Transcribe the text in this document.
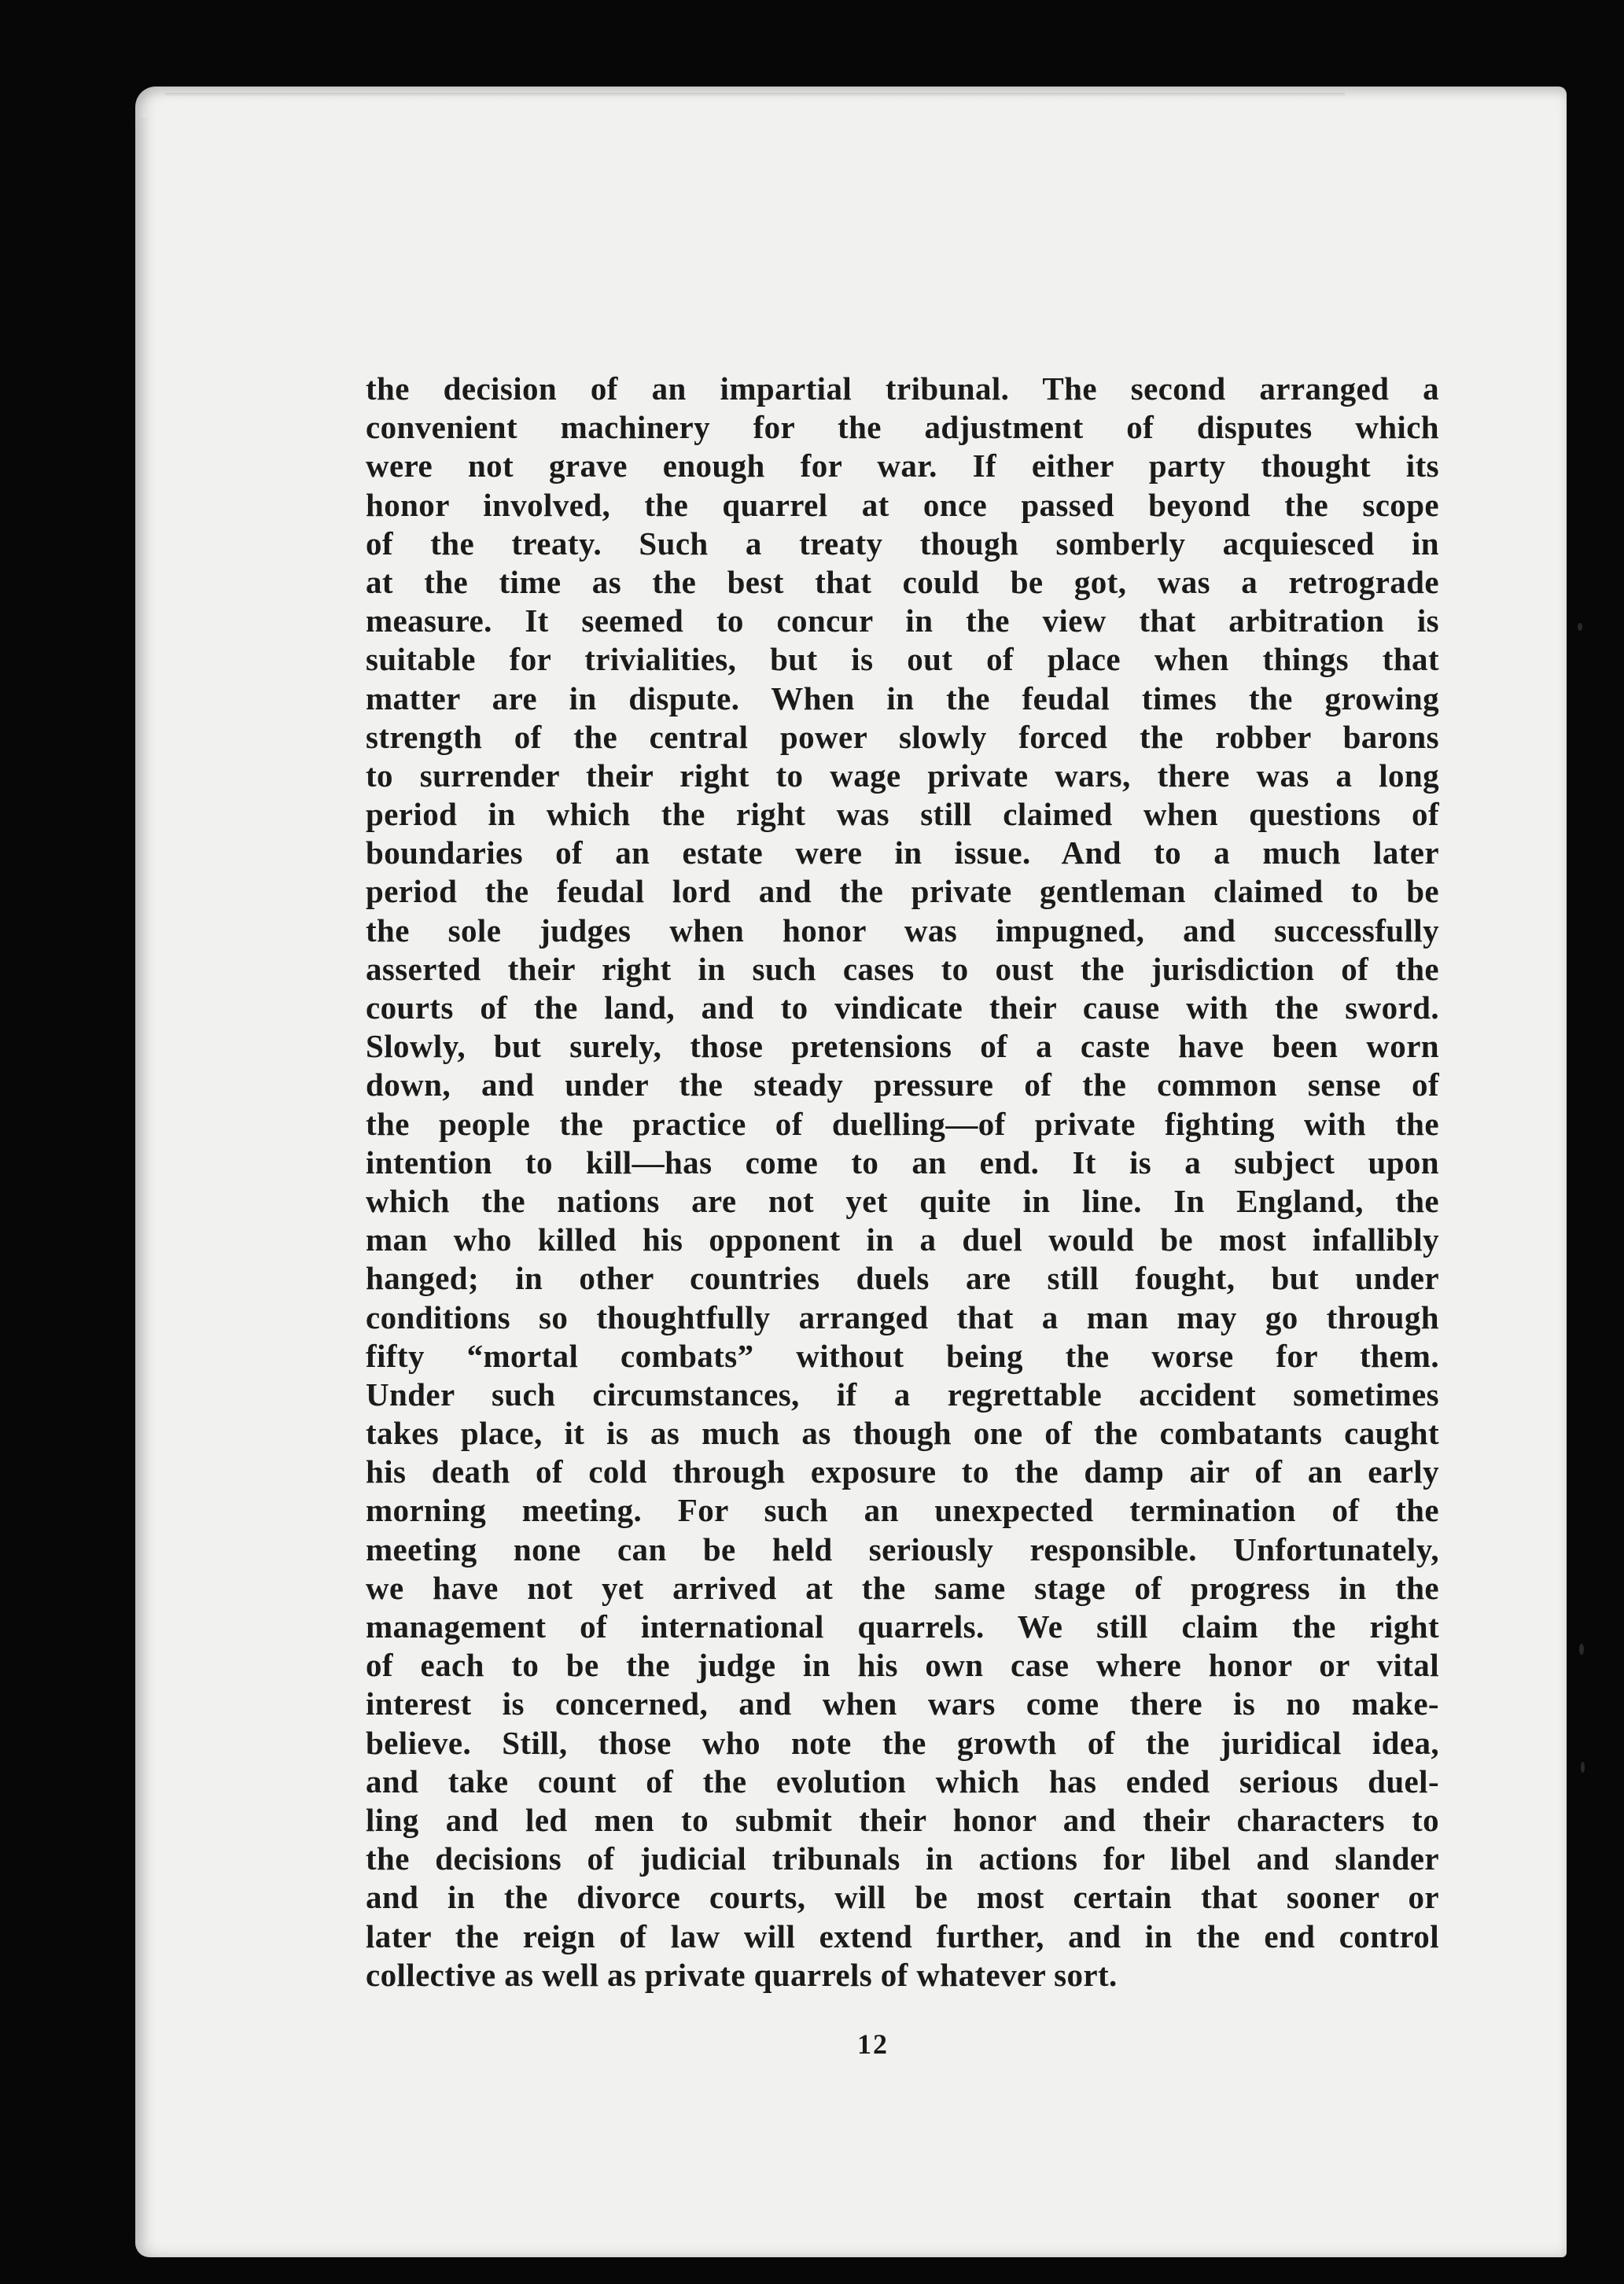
the decision of an impartial tribunal. The second arranged a
convenient machinery for the adjustment of disputes which
were not grave enough for war. If either party thought its
honor involved, the quarrel at once passed beyond the scope
of the treaty. Such a treaty though somberly acquiesced in
at the time as the best that could be got, was a retrograde
measure. It seemed to concur in the view that arbitration is
suitable for trivialities, but is out of place when things that
matter are in dispute. When in the feudal times the growing
strength of the central power slowly forced the robber barons
to surrender their right to wage private wars, there was a long
period in which the right was still claimed when questions of
boundaries of an estate were in issue. And to a much later
period the feudal lord and the private gentleman claimed to be
the sole judges when honor was impugned, and successfully
asserted their right in such cases to oust the jurisdiction of the
courts of the land, and to vindicate their cause with the sword.
Slowly, but surely, those pretensions of a caste have been worn
down, and under the steady pressure of the common sense of
the people the practice of duelling—of private fighting with the
intention to kill—has come to an end. It is a subject upon
which the nations are not yet quite in line. In England, the
man who killed his opponent in a duel would be most infallibly
hanged; in other countries duels are still fought, but under
conditions so thoughtfully arranged that a man may go through
fifty “mortal combats” without being the worse for them.
Under such circumstances, if a regrettable accident sometimes
takes place, it is as much as though one of the combatants caught
his death of cold through exposure to the damp air of an early
morning meeting. For such an unexpected termination of the
meeting none can be held seriously responsible. Unfortunately,
we have not yet arrived at the same stage of progress in the
management of international quarrels. We still claim the right
of each to be the judge in his own case where honor or vital
interest is concerned, and when wars come there is no make-
believe. Still, those who note the growth of the juridical idea,
and take count of the evolution which has ended serious duel-
ling and led men to submit their honor and their characters to
the decisions of judicial tribunals in actions for libel and slander
and in the divorce courts, will be most certain that sooner or
later the reign of law will extend further, and in the end control
collective as well as private quarrels of whatever sort.
12
